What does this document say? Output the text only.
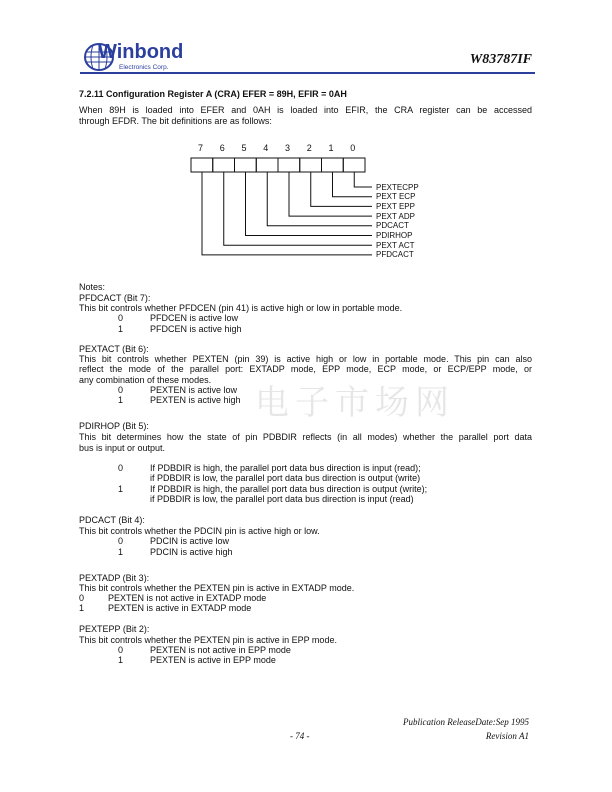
电子市场网
Winbond
Electronics Corp.
W83787IF
7.2.11 Configuration Register A (CRA) EFER = 89H, EFIR = 0AH
When 89H is loaded into EFER and 0AH is loaded into EFIR, the CRA register can be accessed
through EFDR. The bit definitions are as follows:
Notes:
PFDCACT (Bit 7):
This bit controls whether PFDCEN (pin 41) is active high or low in portable mode.
0	PFDCEN is active low
1	PFDCEN is active high
PEXTACT (Bit 6):
This bit controls whether PEXTEN (pin 39) is active high or low in portable mode. This pin can also
reflect the mode of the parallel port: EXTADP mode, EPP mode, ECP mode, or ECP/EPP mode, or
any combination of these modes.
0	PEXTEN is active low
1	PEXTEN is active high
PDIRHOP (Bit 5):
This bit determines how the state of pin PDBDIR reflects (in all modes) whether the parallel port data
bus is input or output.
0	If PDBDIR is high, the parallel port data bus direction is input (read);
if PDBDIR is low, the parallel port data bus direction is output (write)
1	If PDBDIR is high, the parallel port data bus direction is output (write);
if PDBDIR is low, the parallel port data bus direction is input (read)
PDCACT (Bit 4):
This bit controls whether the PDCIN pin is active high or low.
0	PDCIN is active low
1	PDCIN is active high
PEXTADP (Bit 3):
This bit controls whether the PEXTEN pin is active in EXTADP mode.
0	PEXTEN is not active in EXTADP mode
1	PEXTEN is active in EXTADP mode
PEXTEPP (Bit 2):
This bit controls whether the PEXTEN pin is active in EPP mode.
0	PEXTEN is not active in EPP mode
1	PEXTEN is active in EPP mode
Publication ReleaseDate:Sep 1995
- 74 -	Revision A1
7 6 5 4 3 2 1 0
PEXTECPP
PEXT ECP
PEXT EPP
PEXT ADP
PDCACT
PDIRHOP
PEXT ACT
PFDCACT
